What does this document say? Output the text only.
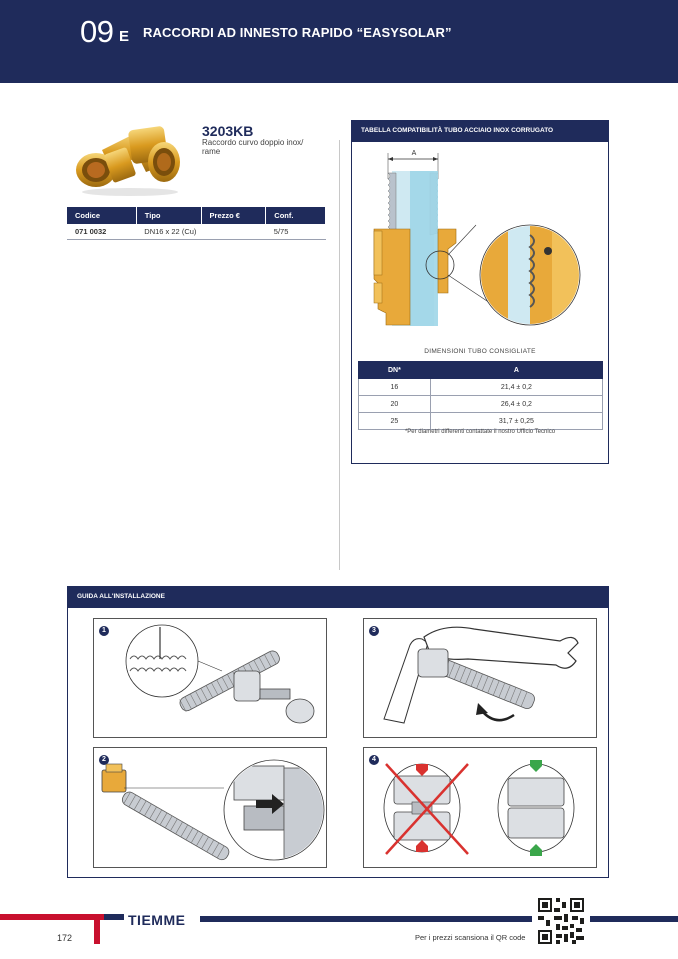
09 E RACCORDI AD INNESTO RAPIDO “EASYSOLAR”
3203KB
Raccordo curvo doppio inox/ rame
Codice	Tipo	Prezzo €	Conf.
071 0032	DN16 x 22 (Cu)		5/75
TABELLA COMPATIBILITÀ TUBO ACCIAIO INOX CORRUGATO
A
DIMENSIONI TUBO CONSIGLIATE
DN*	A
16	21,4 ± 0,2
20	26,4 ± 0,2
25	31,7 ± 0,25
*Per diametri differenti contattate il nostro Ufficio Tecnico
GUIDA ALL'INSTALLAZIONE
1
2
3
4
TIEMME
172	Per i prezzi scansiona il QR code
